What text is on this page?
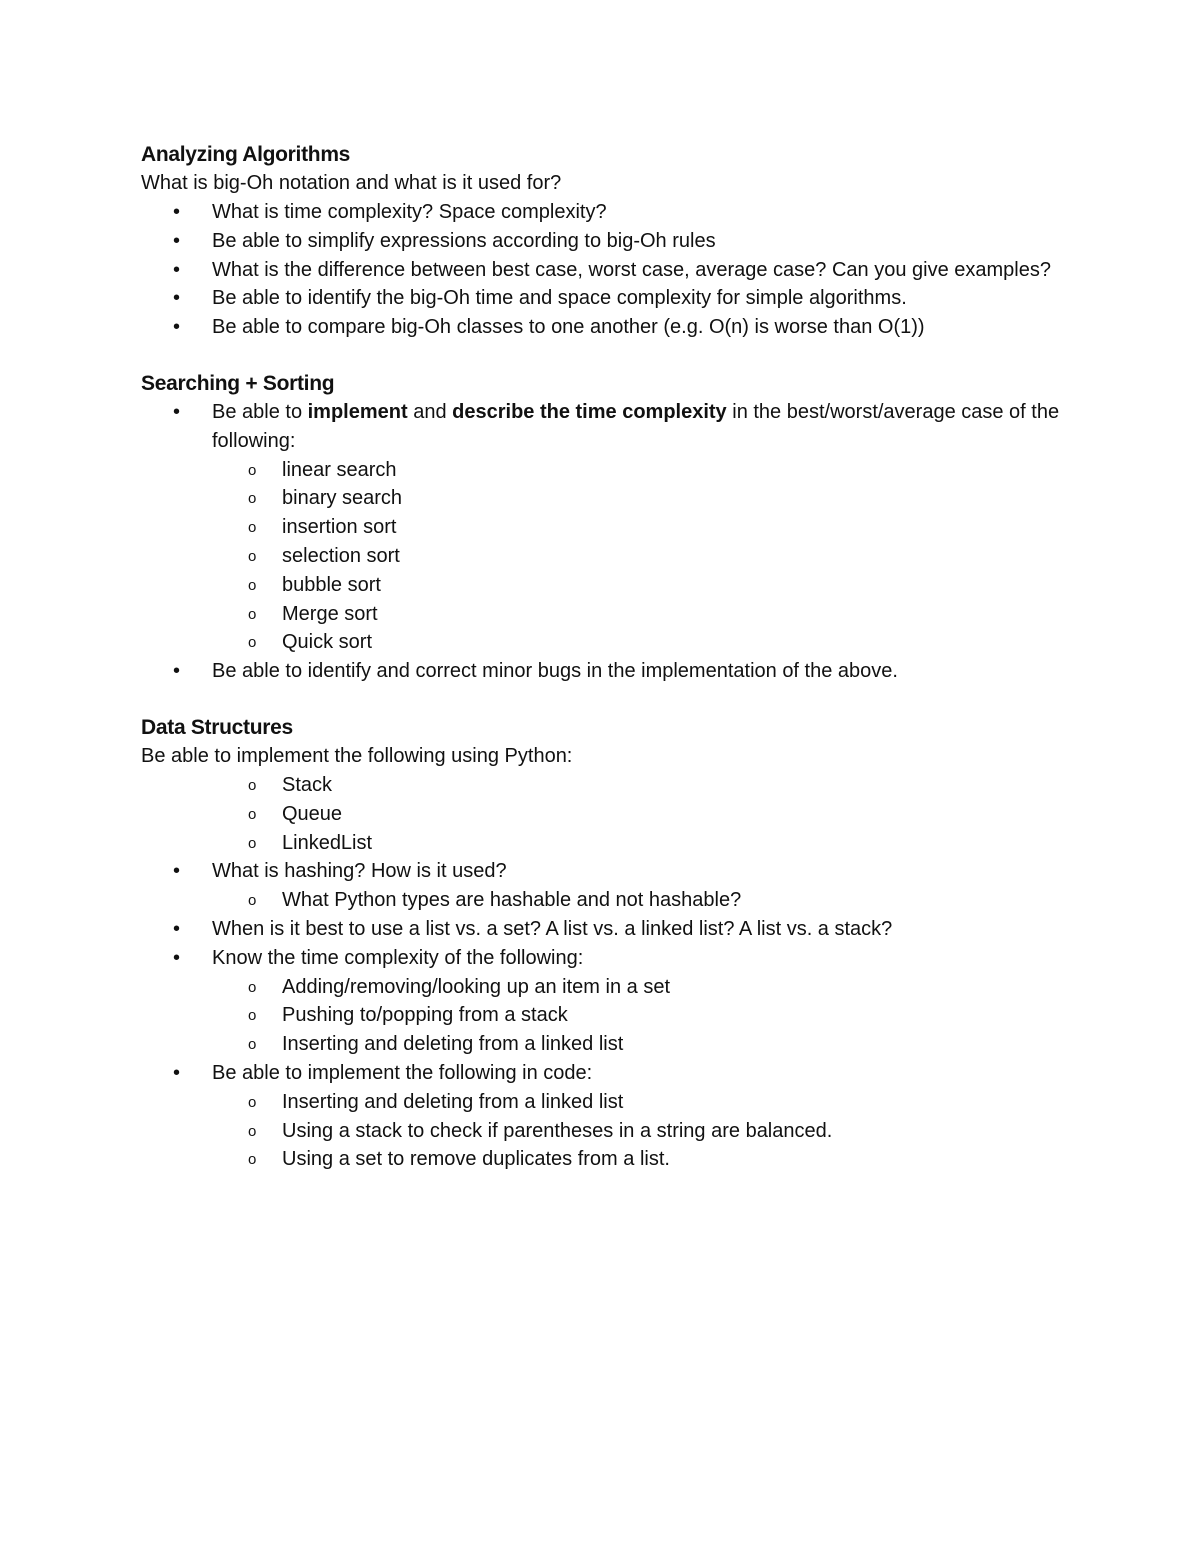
Analyzing Algorithms
What is big-Oh notation and what is it used for?
• What is time complexity? Space complexity?
• Be able to simplify expressions according to big-Oh rules
• What is the difference between best case, worst case, average case? Can you give examples?
• Be able to identify the big-Oh time and space complexity for simple algorithms.
• Be able to compare big-Oh classes to one another (e.g. O(n) is worse than O(1))
Searching + Sorting
• Be able to implement and describe the time complexity in the best/worst/average case of the following:
o linear search
o binary search
o insertion sort
o selection sort
o bubble sort
o Merge sort
o Quick sort
• Be able to identify and correct minor bugs in the implementation of the above.
Data Structures
Be able to implement the following using Python:
o Stack
o Queue
o LinkedList
• What is hashing? How is it used?
o What Python types are hashable and not hashable?
• When is it best to use a list vs. a set? A list vs. a linked list? A list vs. a stack?
• Know the time complexity of the following:
o Adding/removing/looking up an item in a set
o Pushing to/popping from a stack
o Inserting and deleting from a linked list
• Be able to implement the following in code:
o Inserting and deleting from a linked list
o Using a stack to check if parentheses in a string are balanced.
o Using a set to remove duplicates from a list.
